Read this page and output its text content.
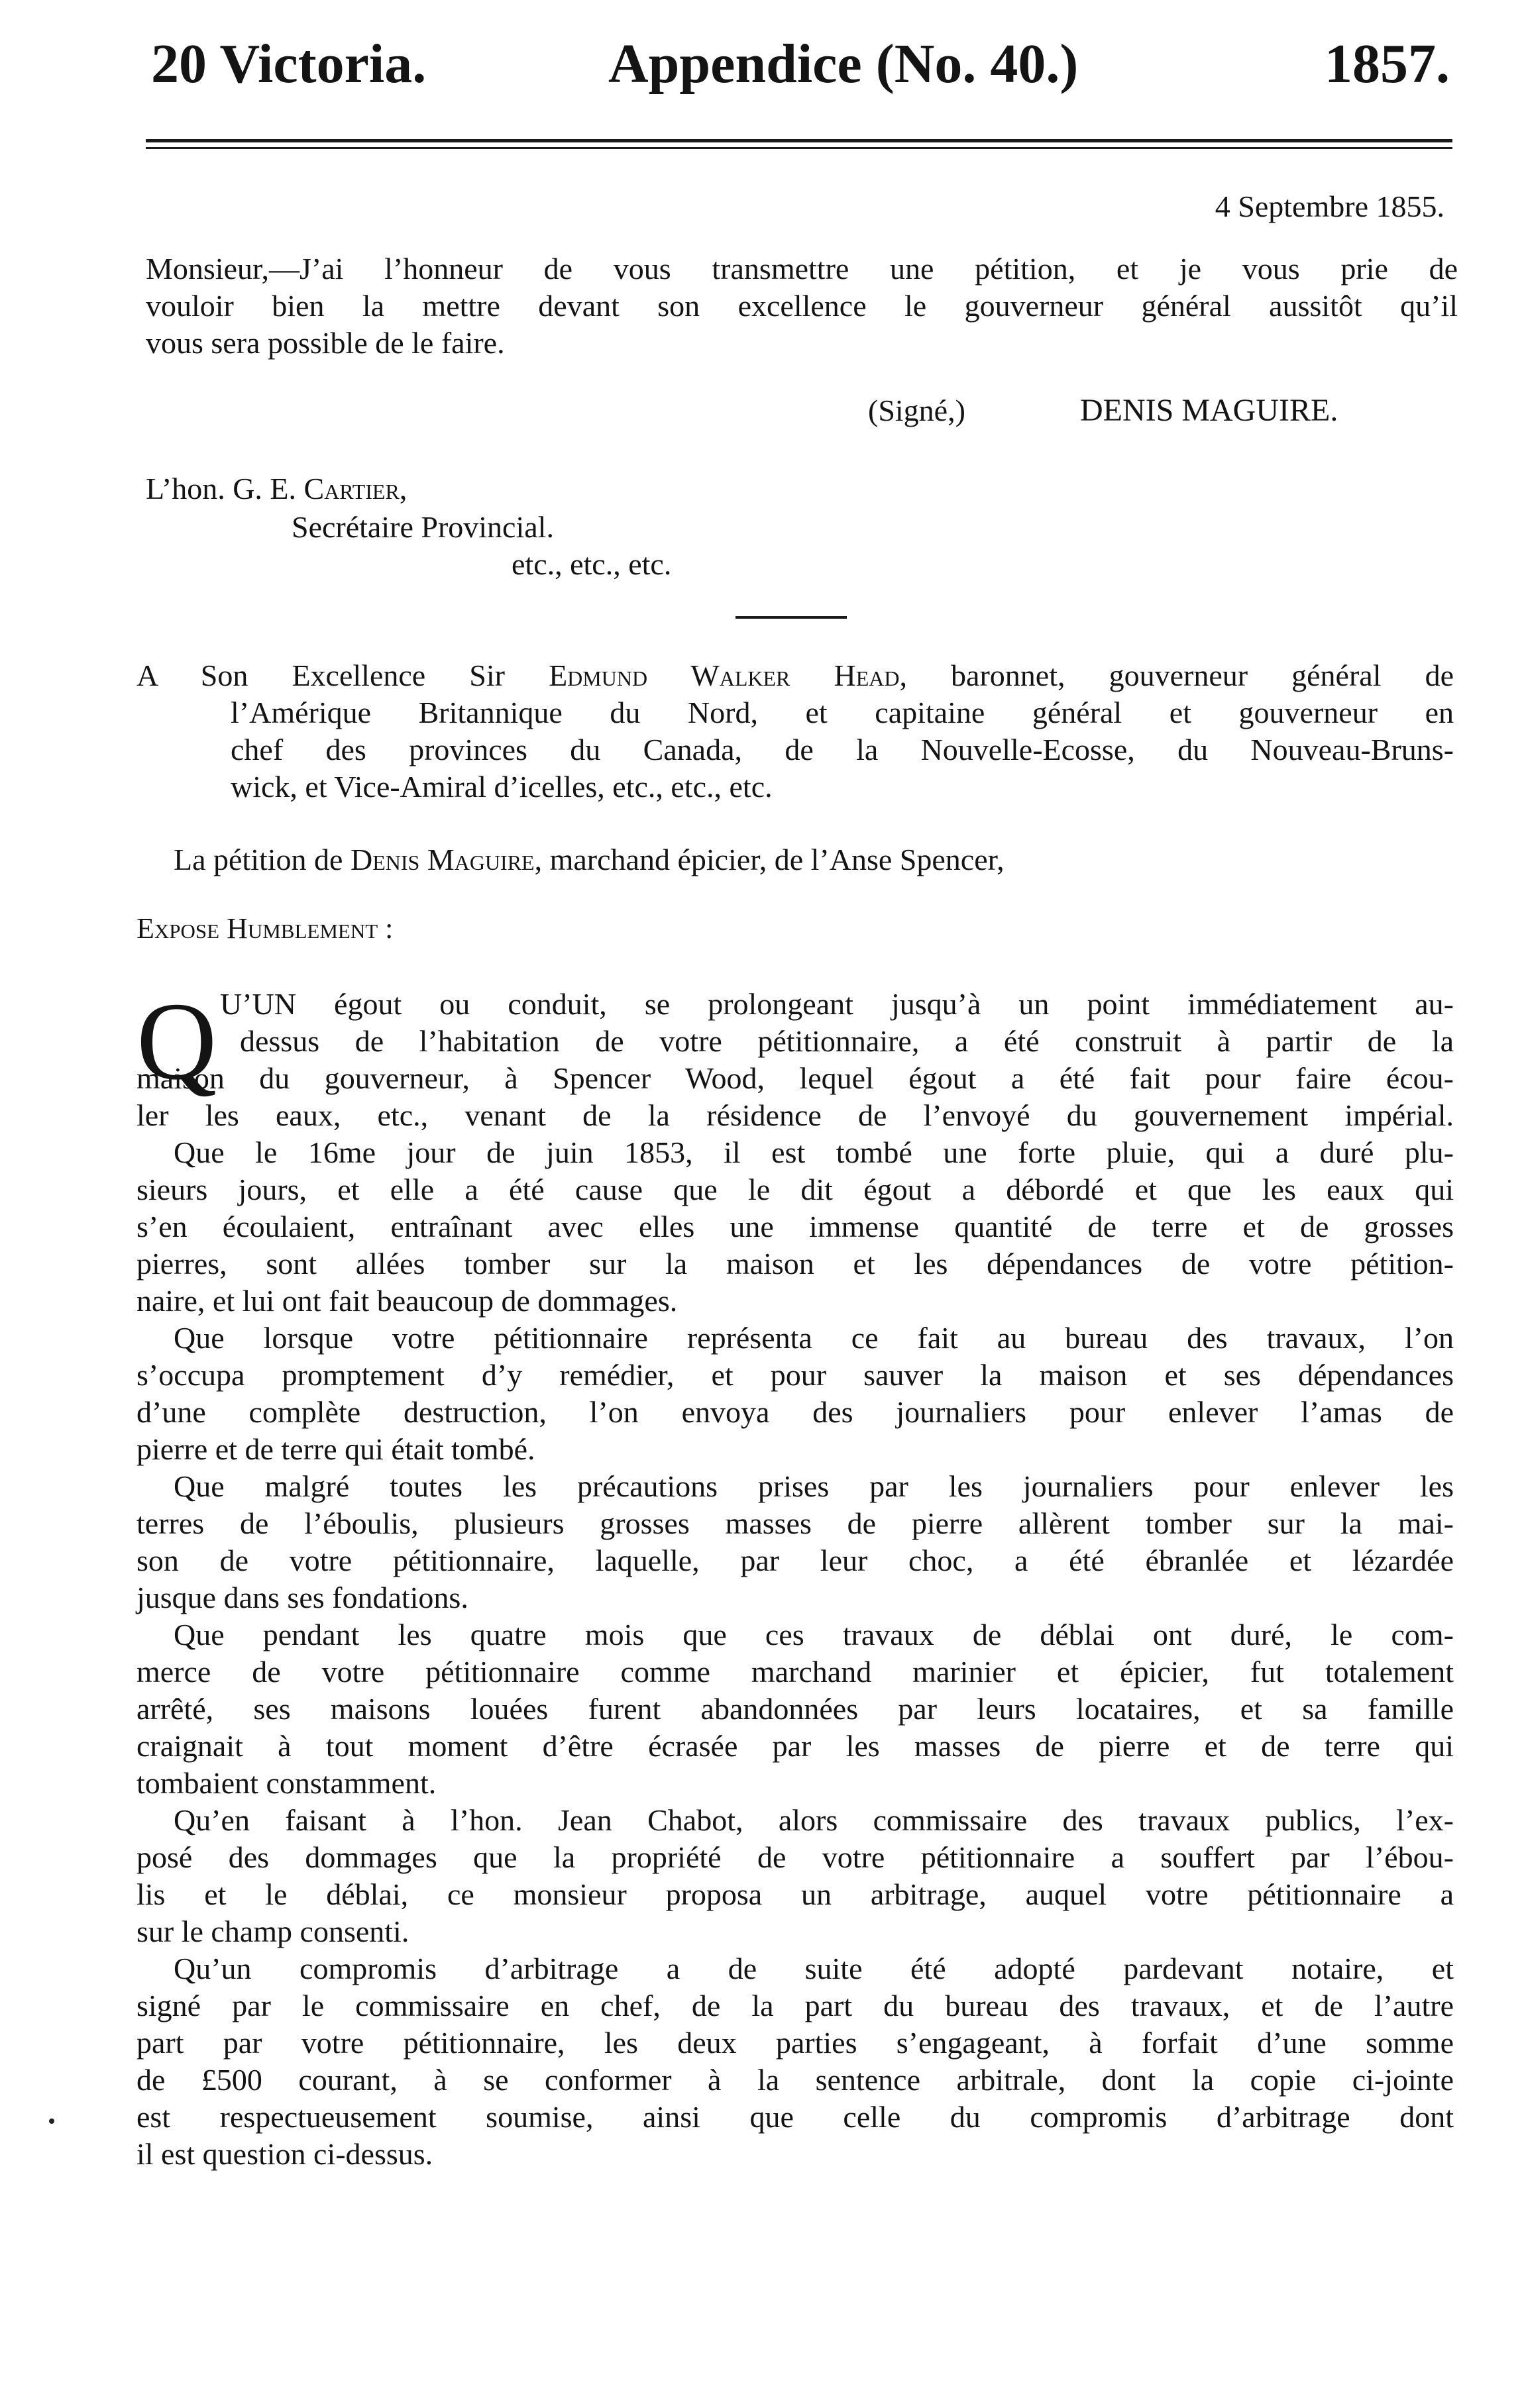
20 Victoria.	Appendice (No. 40.)	1857.
4 Septembre 1855.
Monsieur,—J’ai l’honneur de vous transmettre une pétition, et je vous prie de
vouloir bien la mettre devant son excellence le gouverneur général aussitôt qu’il
vous sera possible de le faire.
(Signé,)	DENIS MAGUIRE.
L’hon. G. E. Cartier,
Secrétaire Provincial.
etc., etc., etc.
A Son Excellence Sir Edmund Walker Head, baronnet, gouverneur général de
l’Amérique Britannique du Nord, et capitaine général et gouverneur en
chef des provinces du Canada, de la Nouvelle-Ecosse, du Nouveau-Bruns-
wick, et Vice-Amiral d’icelles, etc., etc., etc.
La pétition de Denis Maguire, marchand épicier, de l’Anse Spencer,
Expose Humblement :
Q U’UN égout ou conduit, se prolongeant jusqu’à un point immédiatement au-
dessus de l’habitation de votre pétitionnaire, a été construit à partir de la
maison du gouverneur, à Spencer Wood, lequel égout a été fait pour faire écou-
ler les eaux, etc., venant de la résidence de l’envoyé du gouvernement impérial.
Que le 16me jour de juin 1853, il est tombé une forte pluie, qui a duré plu-
sieurs jours, et elle a été cause que le dit égout a débordé et que les eaux qui
s’en écoulaient, entraînant avec elles une immense quantité de terre et de grosses
pierres, sont allées tomber sur la maison et les dépendances de votre pétition-
naire, et lui ont fait beaucoup de dommages.
Que lorsque votre pétitionnaire représenta ce fait au bureau des travaux, l’on
s’occupa promptement d’y remédier, et pour sauver la maison et ses dépendances
d’une complète destruction, l’on envoya des journaliers pour enlever l’amas de
pierre et de terre qui était tombé.
Que malgré toutes les précautions prises par les journaliers pour enlever les
terres de l’éboulis, plusieurs grosses masses de pierre allèrent tomber sur la mai-
son de votre pétitionnaire, laquelle, par leur choc, a été ébranlée et lézardée
jusque dans ses fondations.
Que pendant les quatre mois que ces travaux de déblai ont duré, le com-
merce de votre pétitionnaire comme marchand marinier et épicier, fut totalement
arrêté, ses maisons louées furent abandonnées par leurs locataires, et sa famille
craignait à tout moment d’être écrasée par les masses de pierre et de terre qui
tombaient constamment.
Qu’en faisant à l’hon. Jean Chabot, alors commissaire des travaux publics, l’ex-
posé des dommages que la propriété de votre pétitionnaire a souffert par l’ébou-
lis et le déblai, ce monsieur proposa un arbitrage, auquel votre pétitionnaire a
sur le champ consenti.
Qu’un compromis d’arbitrage a de suite été adopté pardevant notaire, et
signé par le commissaire en chef, de la part du bureau des travaux, et de l’autre
part par votre pétitionnaire, les deux parties s’engageant, à forfait d’une somme
de £500 courant, à se conformer à la sentence arbitrale, dont la copie ci-jointe
est respectueusement soumise, ainsi que celle du compromis d’arbitrage dont
il est question ci-dessus.
